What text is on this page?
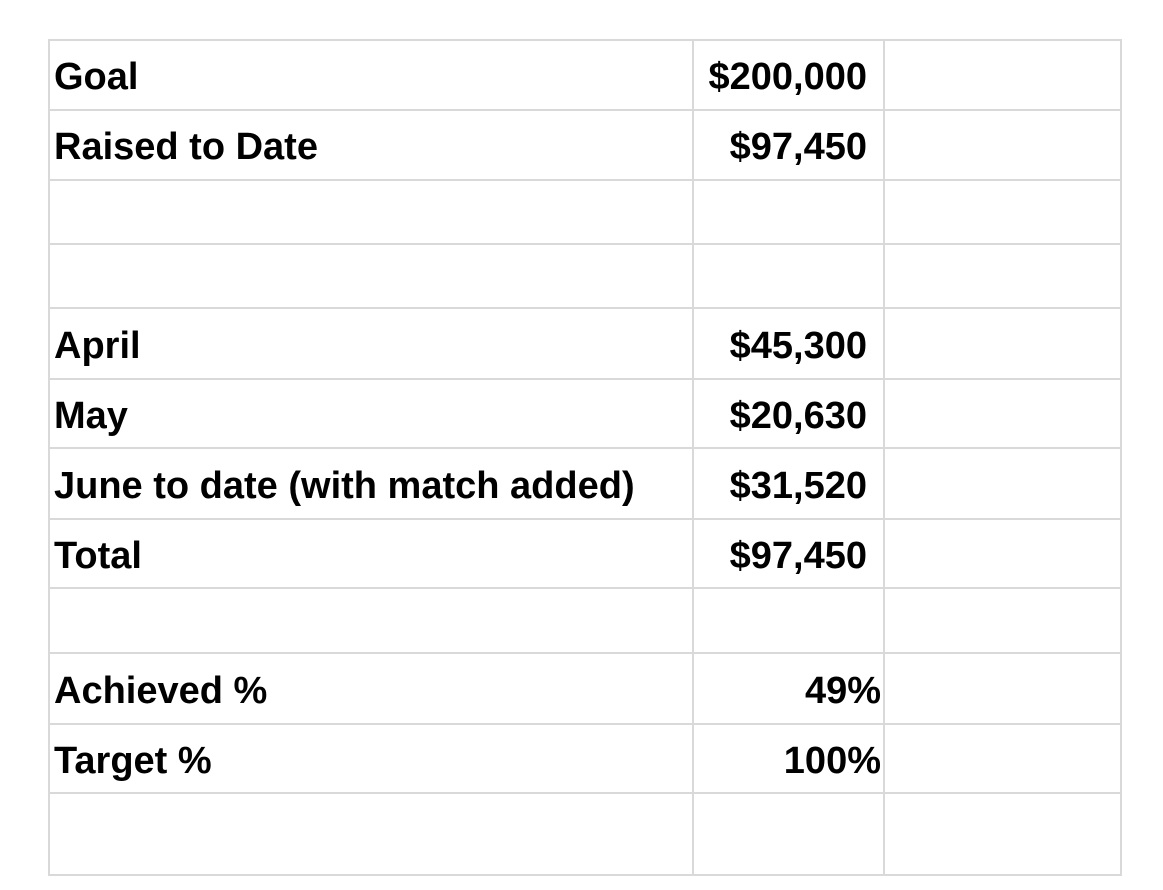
Goal	$200,000	
Raised to Date	$97,450	

April	$45,300	
May	$20,630	
June to date (with match added)	$31,520	
Total	$97,450	

Achieved %	49%	
Target %	100%	
